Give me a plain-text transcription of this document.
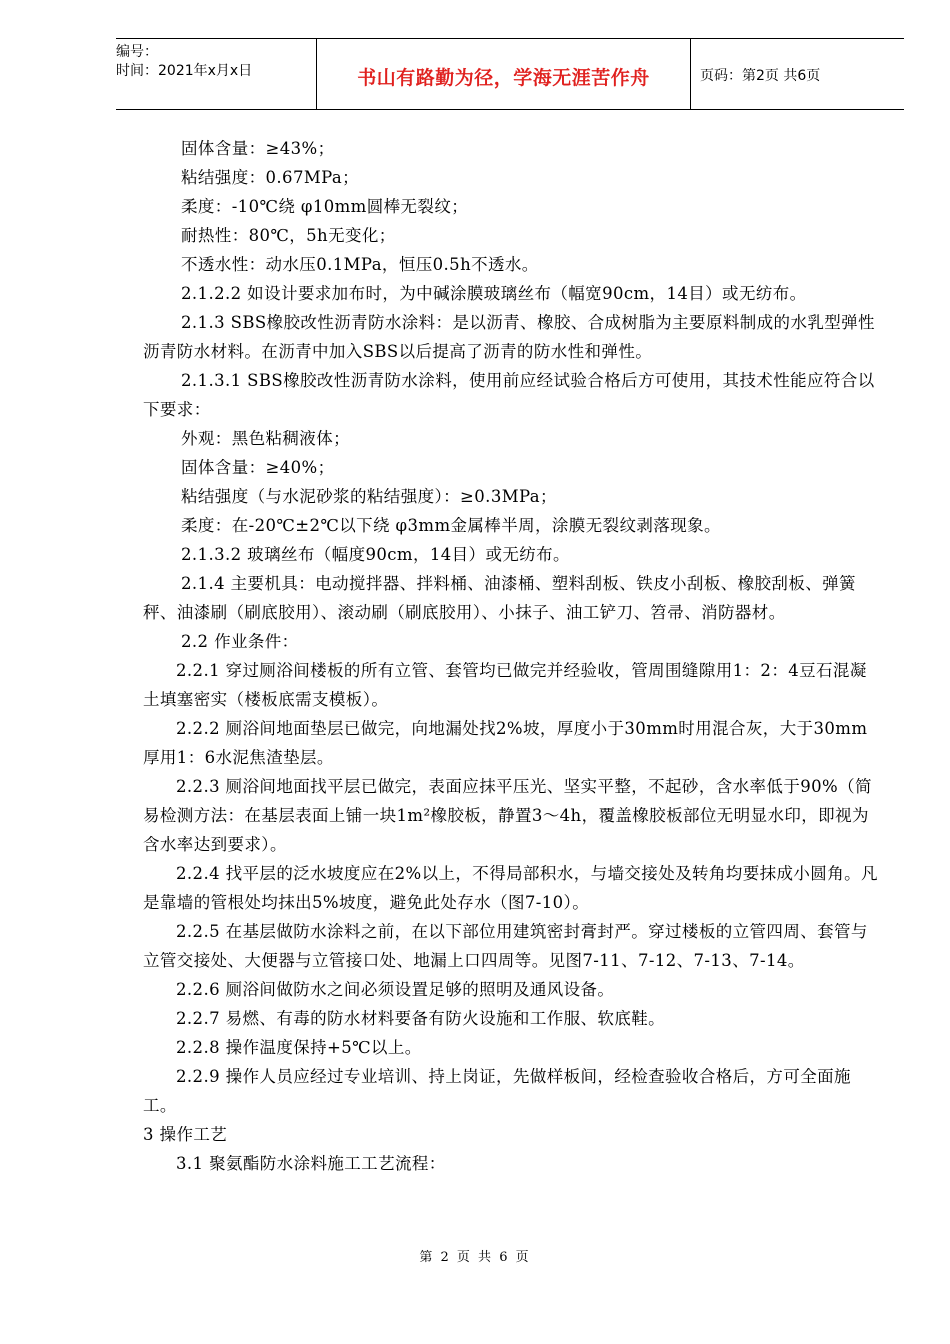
编号：
时间：2021年x月x日	书山有路勤为径，学海无涯苦作舟	页码：第2页 共6页

固体含量：≥43%；

粘结强度：0.67MPa；

柔度：-10℃绕 φ10mm圆棒无裂纹；

耐热性：80℃，5h无变化；

不透水性：动水压0.1MPa，恒压0.5h不透水。

2.1.2.2 如设计要求加布时，为中碱涂膜玻璃丝布（幅宽90cm，14目）或无纺布。

2.1.3 SBS橡胶改性沥青防水涂料：是以沥青、橡胶、合成树脂为主要原料制成的水乳型弹性沥青防水材料。在沥青中加入SBS以后提高了沥青的防水性和弹性。

2.1.3.1 SBS橡胶改性沥青防水涂料，使用前应经试验合格后方可使用，其技术性能应符合以下要求：

外观：黑色粘稠液体；

固体含量：≥40%；

粘结强度（与水泥砂浆的粘结强度）：≥0.3MPa；

柔度：在-20℃±2℃以下绕 φ3mm金属棒半周，涂膜无裂纹剥落现象。

2.1.3.2 玻璃丝布（幅度90cm，14目）或无纺布。

2.1.4 主要机具：电动搅拌器、拌料桶、油漆桶、塑料刮板、铁皮小刮板、橡胶刮板、弹簧秤、油漆刷（刷底胶用）、滚动刷（刷底胶用）、小抹子、油工铲刀、笤帚、消防器材。

2.2 作业条件：

2.2.1 穿过厕浴间楼板的所有立管、套管均已做完并经验收，管周围缝隙用1：2：4豆石混凝土填塞密实（楼板底需支模板）。

2.2.2 厕浴间地面垫层已做完，向地漏处找2%坡，厚度小于30mm时用混合灰，大于30mm厚用1：6水泥焦渣垫层。

2.2.3 厕浴间地面找平层已做完，表面应抹平压光、坚实平整，不起砂，含水率低于90%（简易检测方法：在基层表面上铺一块1m²橡胶板，静置3～4h，覆盖橡胶板部位无明显水印，即视为含水率达到要求）。

2.2.4 找平层的泛水坡度应在2%以上，不得局部积水，与墙交接处及转角均要抹成小圆角。凡是靠墙的管根处均抹出5%坡度，避免此处存水（图7-10）。

2.2.5 在基层做防水涂料之前，在以下部位用建筑密封膏封严。穿过楼板的立管四周、套管与立管交接处、大便器与立管接口处、地漏上口四周等。见图7-11、7-12、7-13、7-14。

2.2.6 厕浴间做防水之间必须设置足够的照明及通风设备。

2.2.7 易燃、有毒的防水材料要备有防火设施和工作服、软底鞋。

2.2.8 操作温度保持+5℃以上。

2.2.9 操作人员应经过专业培训、持上岗证，先做样板间，经检查验收合格后，方可全面施工。

3 操作工艺

3.1 聚氨酯防水涂料施工工艺流程：

第 2 页 共 6 页
